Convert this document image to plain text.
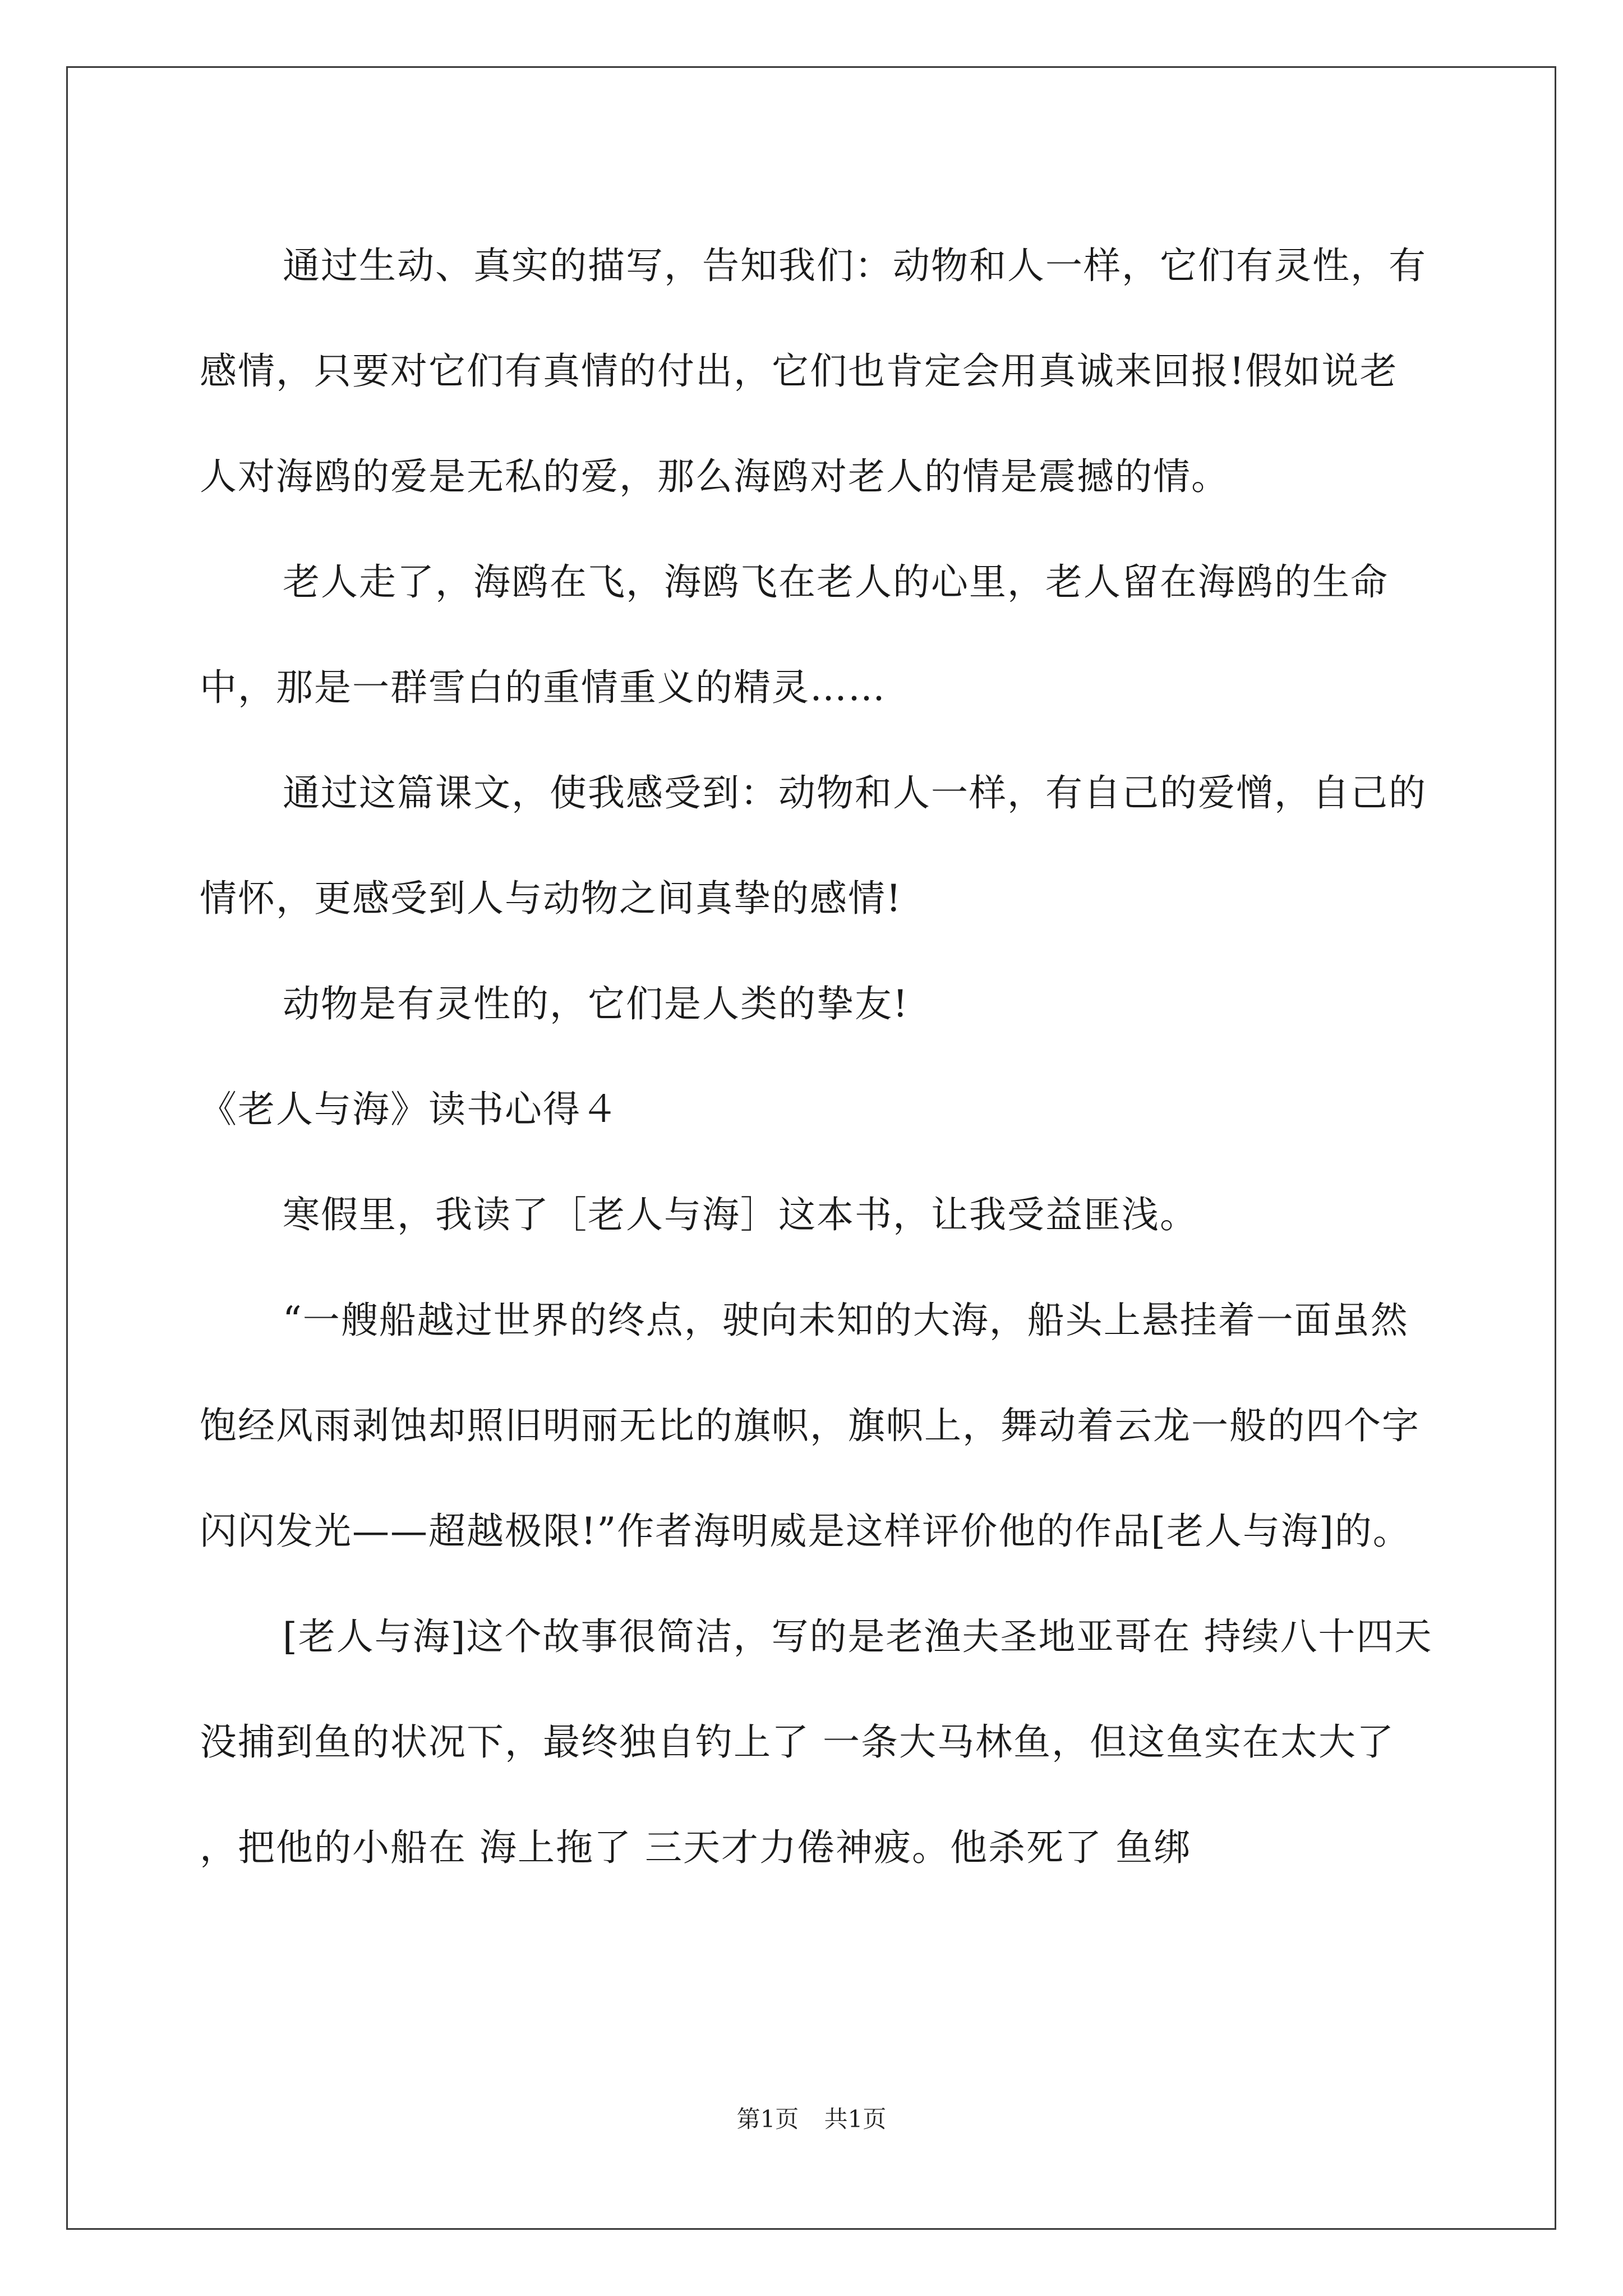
通过生动、真实的描写，告知我们：动物和人一样，它们有灵性，有感情，只要对它们有真情的付出，它们也肯定会用真诚来回报!假如说老人对海鸥的爱是无私的爱，那么海鸥对老人的情是震撼的情。

老人走了，海鸥在飞，海鸥飞在老人的心里，老人留在海鸥的生命中，那是一群雪白的重情重义的精灵……

通过这篇课文，使我感受到：动物和人一样，有自己的爱憎，自己的情怀，更感受到人与动物之间真挚的感情!

动物是有灵性的，它们是人类的挚友!

《老人与海》读书心得４

寒假里，我读了［老人与海］这本书，让我受益匪浅。

“一艘船越过世界的终点，驶向未知的大海，船头上悬挂着一面虽然饱经风雨剥蚀却照旧明丽无比的旗帜，旗帜上，舞动着云龙一般的四个字闪闪发光——超越极限!”作者海明威是这样评价他的作品[老人与海]的。

[老人与海]这个故事很简洁，写的是老渔夫圣地亚哥在 持续八十四天没捕到鱼的状况下，最终独自钓上了 一条大马林鱼，但这鱼实在太大了 ，把他的小船在 海上拖了 三天才力倦神疲。他杀死了 鱼绑

第1页 共1页
